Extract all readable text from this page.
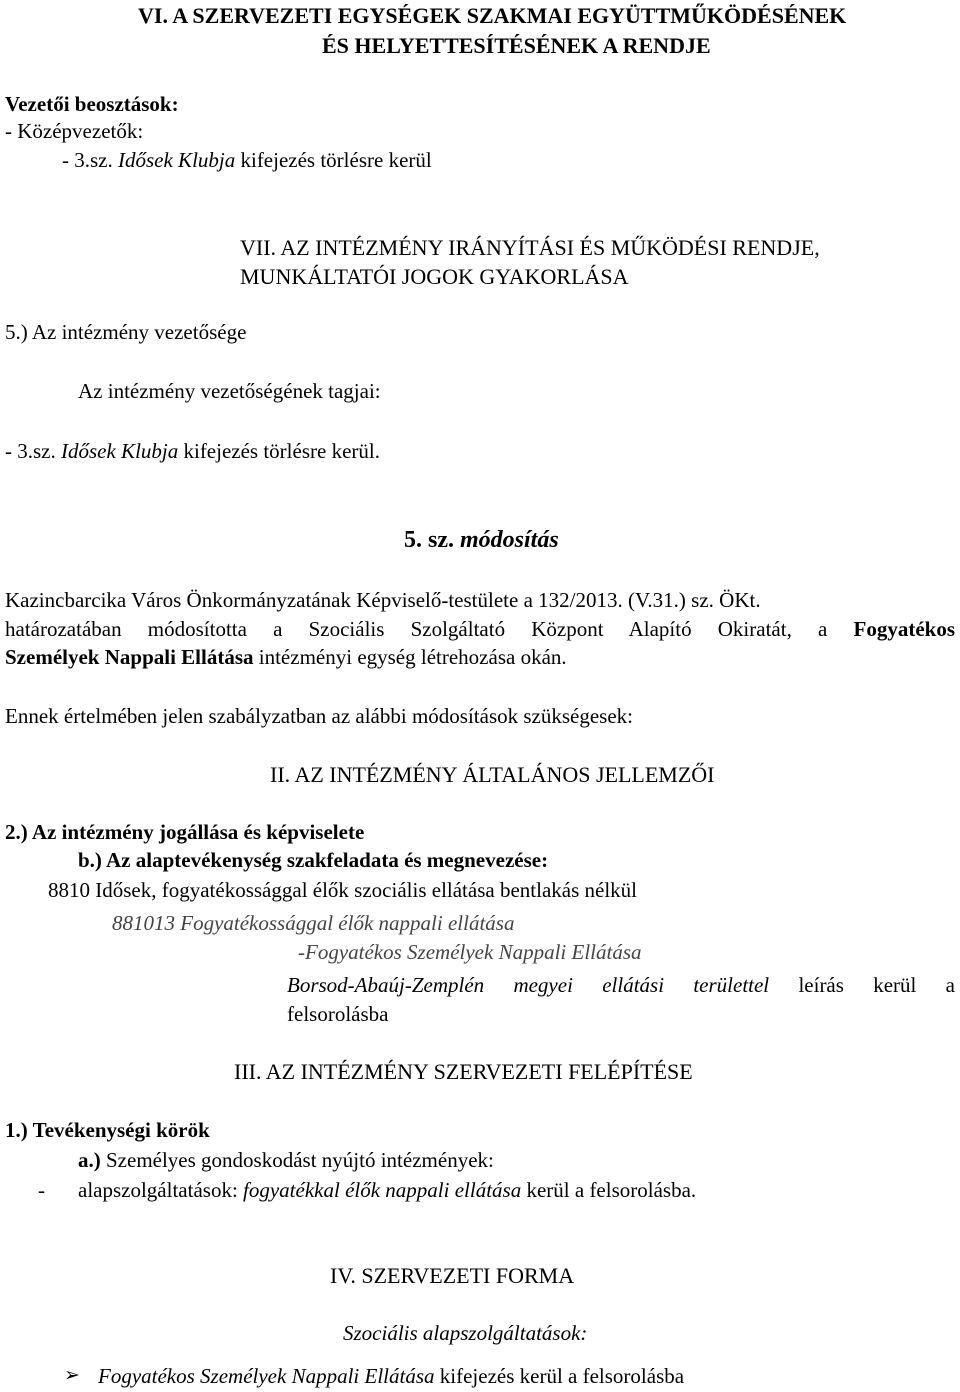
VI. A SZERVEZETI EGYSÉGEK SZAKMAI EGYÜTTMŰKÖDÉSÉNEK
ÉS HELYETTESÍTÉSÉNEK A RENDJE
Vezetői beosztások:
- Középvezetők:
- 3.sz. Idősek Klubja kifejezés törlésre kerül
VII. AZ INTÉZMÉNY IRÁNYÍTÁSI ÉS MŰKÖDÉSI RENDJE,
MUNKÁLTATÓI JOGOK GYAKORLÁSA
5.) Az intézmény vezetősége
Az intézmény vezetőségének tagjai:
- 3.sz. Idősek Klubja kifejezés törlésre kerül.
5. sz. módosítás
Kazincbarcika Város Önkormányzatának Képviselő-testülete a 132/2013. (V.31.) sz. ÖKt.
határozatában módosította a Szociális Szolgáltató Központ Alapító Okiratát, a Fogyatékos
Személyek Nappali Ellátása intézményi egység létrehozása okán.
Ennek értelmében jelen szabályzatban az alábbi módosítások szükségesek:
II. AZ INTÉZMÉNY ÁLTALÁNOS JELLEMZŐI
2.) Az intézmény jogállása és képviselete
b.) Az alaptevékenység szakfeladata és megnevezése:
8810 Idősek, fogyatékossággal élők szociális ellátása bentlakás nélkül
881013 Fogyatékossággal élők nappali ellátása
-Fogyatékos Személyek Nappali Ellátása
Borsod-Abaúj-Zemplén megyei ellátási területtel leírás kerül a
felsorolásba
III. AZ INTÉZMÉNY SZERVEZETI FELÉPÍTÉSE
1.) Tevékenységi körök
a.) Személyes gondoskodást nyújtó intézmények:
- alapszolgáltatások: fogyatékkal élők nappali ellátása kerül a felsorolásba.
IV. SZERVEZETI FORMA
Szociális alapszolgáltatások:
➢ Fogyatékos Személyek Nappali Ellátása kifejezés kerül a felsorolásba
